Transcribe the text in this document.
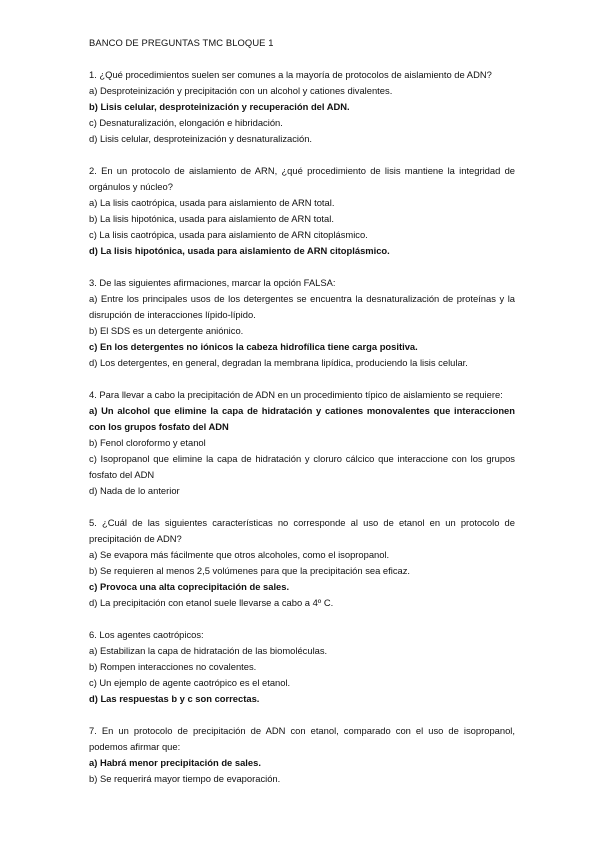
BANCO DE PREGUNTAS TMC BLOQUE 1
1. ¿Qué procedimientos suelen ser comunes a la mayoría de protocolos de aislamiento de ADN?
a) Desproteinización y precipitación con un alcohol y cationes divalentes.
b) Lisis celular, desproteinización y recuperación del ADN.
c) Desnaturalización, elongación e hibridación.
d) Lisis celular, desproteinización y desnaturalización.
2. En un protocolo de aislamiento de ARN, ¿qué procedimiento de lisis mantiene la integridad de orgánulos y núcleo?
a) La lisis caotrópica, usada para aislamiento de ARN total.
b) La lisis hipotónica, usada para aislamiento de ARN total.
c) La lisis caotrópica, usada para aislamiento de ARN citoplásmico.
d) La lisis hipotónica, usada para aislamiento de ARN citoplásmico.
3. De las siguientes afirmaciones, marcar la opción FALSA:
a) Entre los principales usos de los detergentes se encuentra la desnaturalización de proteínas y la disrupción de interacciones lípido-lípido.
b) El SDS es un detergente aniónico.
c) En los detergentes no iónicos la cabeza hidrofílica tiene carga positiva.
d) Los detergentes, en general, degradan la membrana lipídica, produciendo la lisis celular.
4. Para llevar a cabo la precipitación de ADN en un procedimiento típico de aislamiento se requiere:
a) Un alcohol que elimine la capa de hidratación y cationes monovalentes que interaccionen con los grupos fosfato del ADN
b) Fenol cloroformo y etanol
c) Isopropanol que elimine la capa de hidratación y cloruro cálcico que interaccione con los grupos fosfato del ADN
d) Nada de lo anterior
5. ¿Cuál de las siguientes características no corresponde al uso de etanol en un protocolo de precipitación de ADN?
a) Se evapora más fácilmente que otros alcoholes, como el isopropanol.
b) Se requieren al menos 2,5 volúmenes para que la precipitación sea eficaz.
c) Provoca una alta coprecipitación de sales.
d) La precipitación con etanol suele llevarse a cabo a 4º C.
6. Los agentes caotrópicos:
a) Estabilizan la capa de hidratación de las biomoléculas.
b) Rompen interacciones no covalentes.
c) Un ejemplo de agente caotrópico es el etanol.
d) Las respuestas b y c son correctas.
7. En un protocolo de precipitación de ADN con etanol, comparado con el uso de isopropanol, podemos afirmar que:
a) Habrá menor precipitación de sales.
b) Se requerirá mayor tiempo de evaporación.
